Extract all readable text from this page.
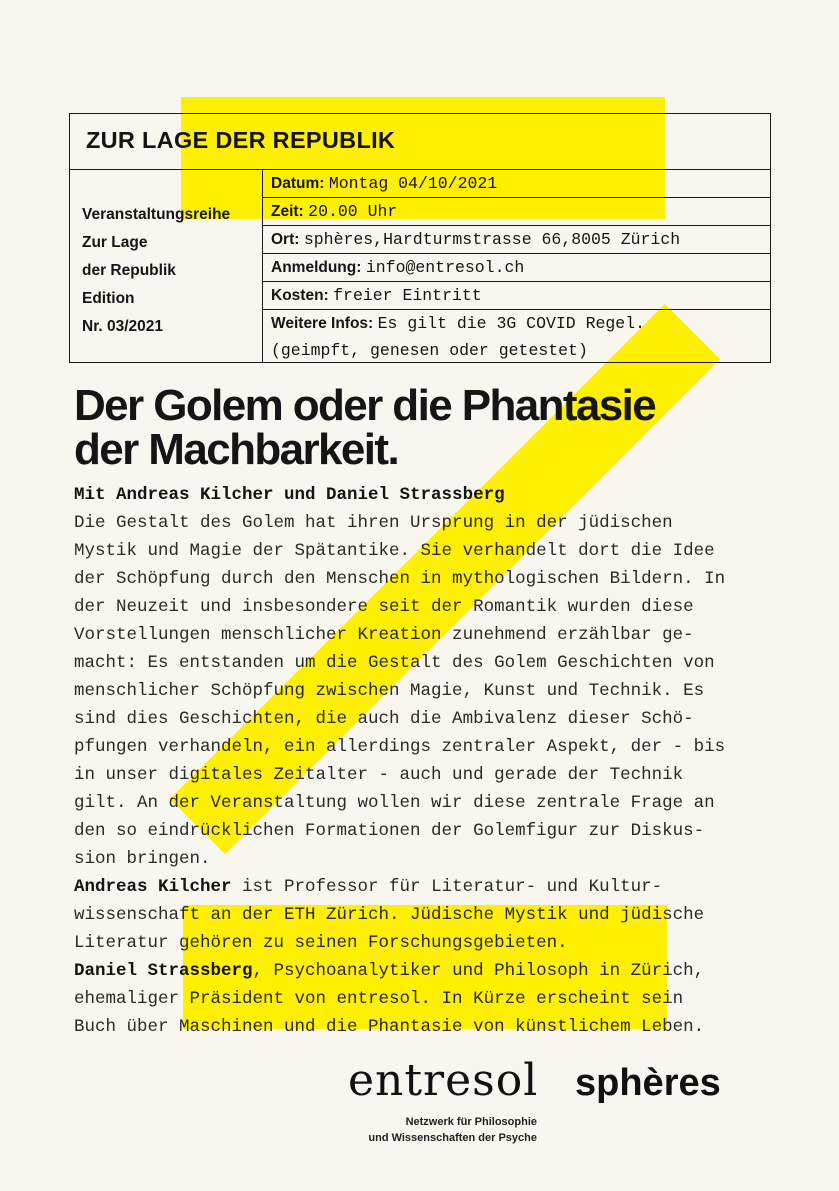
ZUR LAGE DER REPUBLIK
Veranstaltungsreihe
Zur Lage
der Republik
Edition
Nr. 03/2021
Datum: Montag 04/10/2021
Zeit: 20.00 Uhr
Ort: sphères,Hardturmstrasse 66,8005 Zürich
Anmeldung: info@entresol.ch
Kosten: freier Eintritt
Weitere Infos: Es gilt die 3G COVID Regel.
(geimpft, genesen oder getestet)
Der Golem oder die Phantasie
der Machbarkeit.
Mit Andreas Kilcher und Daniel Strassberg
Die Gestalt des Golem hat ihren Ursprung in der jüdischen
Mystik und Magie der Spätantike. Sie verhandelt dort die Idee
der Schöpfung durch den Menschen in mythologischen Bildern. In
der Neuzeit und insbesondere seit der Romantik wurden diese
Vorstellungen menschlicher Kreation zunehmend erzählbar ge-
macht: Es entstanden um die Gestalt des Golem Geschichten von
menschlicher Schöpfung zwischen Magie, Kunst und Technik. Es
sind dies Geschichten, die auch die Ambivalenz dieser Schö-
pfungen verhandeln, ein allerdings zentraler Aspekt, der - bis
in unser digitales Zeitalter - auch und gerade der Technik
gilt. An der Veranstaltung wollen wir diese zentrale Frage an
den so eindrücklichen Formationen der Golemfigur zur Diskus-
sion bringen.
Andreas Kilcher ist Professor für Literatur- und Kultur-
wissenschaft an der ETH Zürich. Jüdische Mystik und jüdische
Literatur gehören zu seinen Forschungsgebieten.
Daniel Strassberg, Psychoanalytiker und Philosoph in Zürich,
ehemaliger Präsident von entresol. In Kürze erscheint sein
Buch über Maschinen und die Phantasie von künstlichem Leben.
entresol sphères
Netzwerk für Philosophie
und Wissenschaften der Psyche
